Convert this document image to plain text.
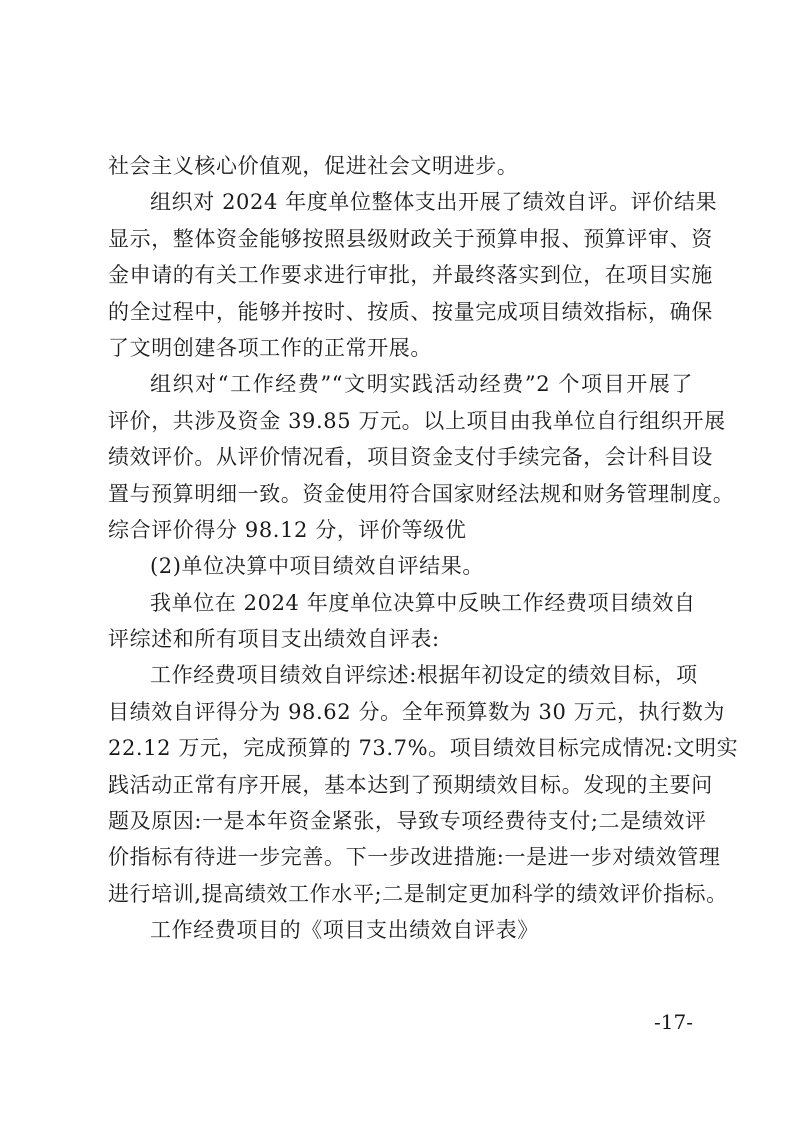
社会主义核心价值观，促进社会文明进步。
组织对 2024 年度单位整体支出开展了绩效自评。评价结果
显示，整体资金能够按照县级财政关于预算申报、预算评审、资
金申请的有关工作要求进行审批，并最终落实到位，在项目实施
的全过程中，能够并按时、按质、按量完成项目绩效指标，确保
了文明创建各项工作的正常开展。
组织对“工作经费”“文明实践活动经费”2 个项目开展了
评价，共涉及资金 39.85 万元。以上项目由我单位自行组织开展
绩效评价。从评价情况看，项目资金支付手续完备，会计科目设
置与预算明细一致。资金使用符合国家财经法规和财务管理制度。
综合评价得分 98.12 分，评价等级优
(2)单位决算中项目绩效自评结果。
我单位在 2024 年度单位决算中反映工作经费项目绩效自
评综述和所有项目支出绩效自评表:
工作经费项目绩效自评综述:根据年初设定的绩效目标，项
目绩效自评得分为 98.62 分。全年预算数为 30 万元，执行数为
22.12 万元，完成预算的 73.7%。项目绩效目标完成情况:文明实
践活动正常有序开展，基本达到了预期绩效目标。发现的主要问
题及原因:一是本年资金紧张，导致专项经费待支付;二是绩效评
价指标有待进一步完善。下一步改进措施:一是进一步对绩效管理
进行培训,提高绩效工作水平;二是制定更加科学的绩效评价指标。
工作经费项目的《项目支出绩效自评表》
-17-
